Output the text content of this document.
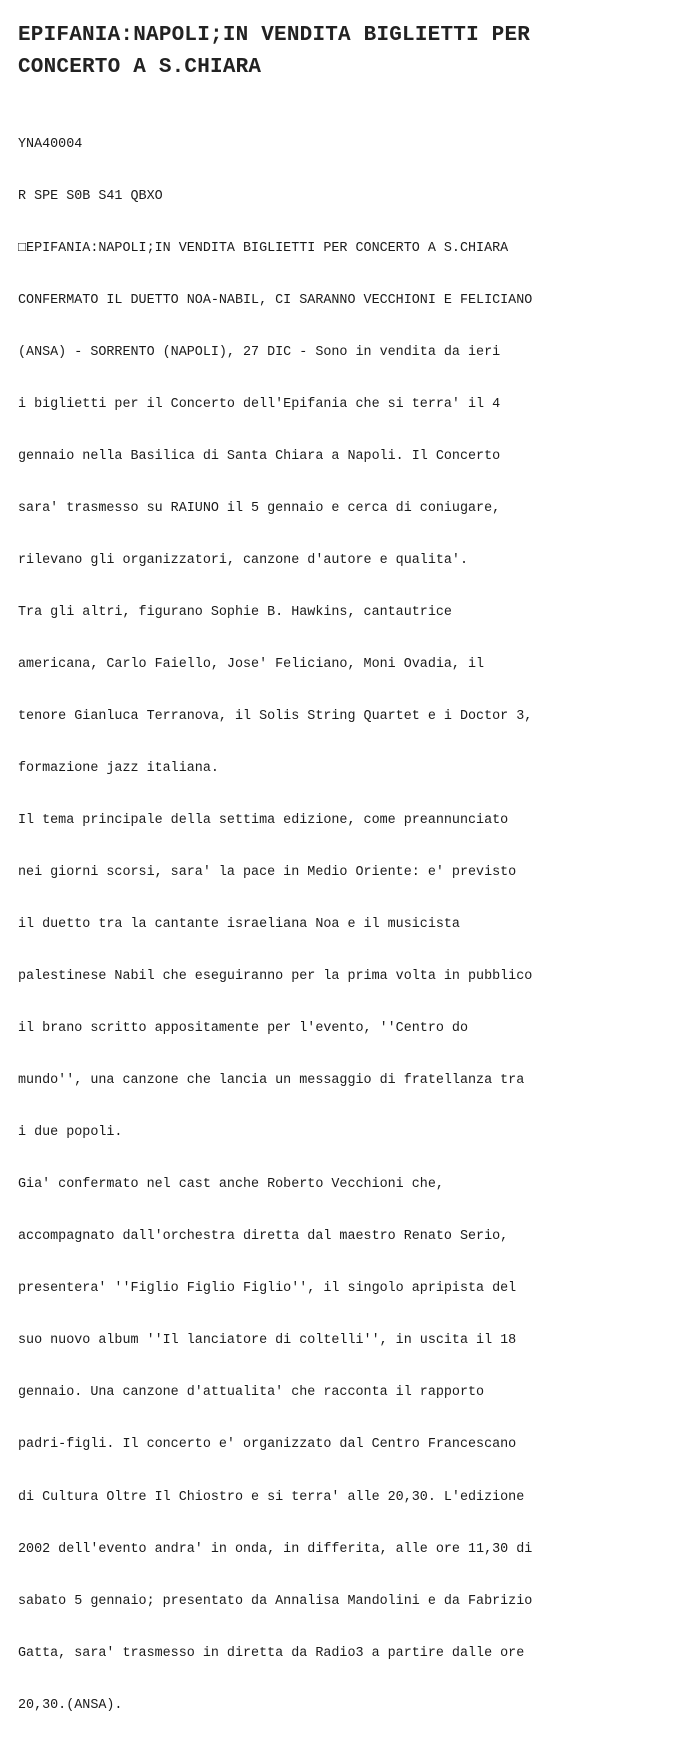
EPIFANIA:NAPOLI;IN VENDITA BIGLIETTI PER
CONCERTO A S.CHIARA

YNA40004

R SPE S0B S41 QBXO

□EPIFANIA:NAPOLI;IN VENDITA BIGLIETTI PER CONCERTO A S.CHIARA

CONFERMATO IL DUETTO NOA-NABIL, CI SARANNO VECCHIONI E FELICIANO

(ANSA) - SORRENTO (NAPOLI), 27 DIC - Sono in vendita da ieri

i biglietti per il Concerto dell'Epifania che si terra' il 4

gennaio nella Basilica di Santa Chiara a Napoli. Il Concerto

sara' trasmesso su RAIUNO il 5 gennaio e cerca di coniugare,

rilevano gli organizzatori, canzone d'autore e qualita'.

Tra gli altri, figurano Sophie B. Hawkins, cantautrice

americana, Carlo Faiello, Jose' Feliciano, Moni Ovadia, il

tenore Gianluca Terranova, il Solis String Quartet e i Doctor 3,

formazione jazz italiana.

Il tema principale della settima edizione, come preannunciato

nei giorni scorsi, sara' la pace in Medio Oriente: e' previsto

il duetto tra la cantante israeliana Noa e il musicista

palestinese Nabil che eseguiranno per la prima volta in pubblico

il brano scritto appositamente per l'evento, ''Centro do

mundo'', una canzone che lancia un messaggio di fratellanza tra

i due popoli.

Gia' confermato nel cast anche Roberto Vecchioni che,

accompagnato dall'orchestra diretta dal maestro Renato Serio,

presentera' ''Figlio Figlio Figlio'', il singolo apripista del

suo nuovo album ''Il lanciatore di coltelli'', in uscita il 18

gennaio. Una canzone d'attualita' che racconta il rapporto

padri-figli. Il concerto e' organizzato dal Centro Francescano

di Cultura Oltre Il Chiostro e si terra' alle 20,30. L'edizione

2002 dell'evento andra' in onda, in differita, alle ore 11,30 di

sabato 5 gennaio; presentato da Annalisa Mandolini e da Fabrizio

Gatta, sara' trasmesso in diretta da Radio3 a partire dalle ore

20,30.(ANSA).
